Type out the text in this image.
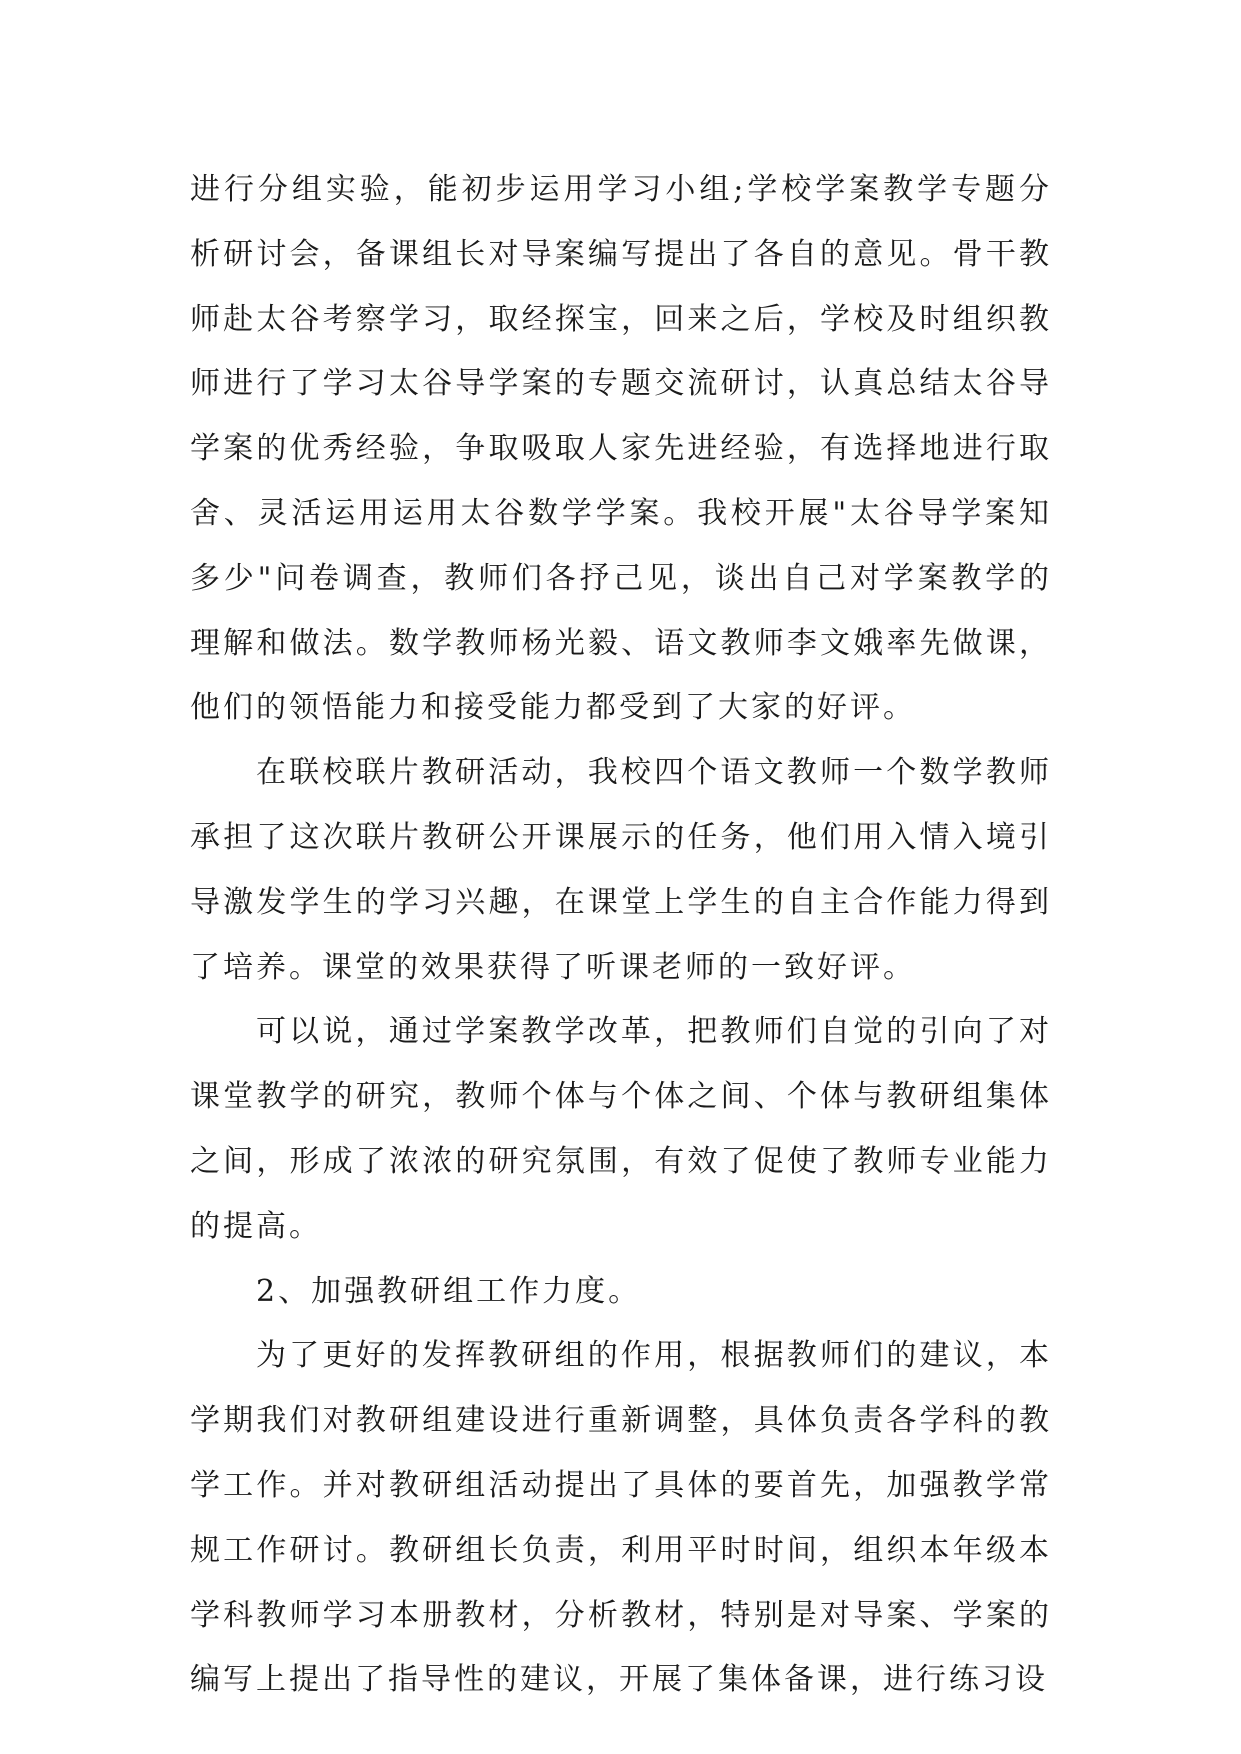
进行分组实验，能初步运用学习小组;学校学案教学专题分析研讨会，备课组长对导案编写提出了各自的意见。骨干教师赴太谷考察学习，取经探宝，回来之后，学校及时组织教师进行了学习太谷导学案的专题交流研讨，认真总结太谷导学案的优秀经验，争取吸取人家先进经验，有选择地进行取舍、灵活运用运用太谷数学学案。我校开展"太谷导学案知多少"问卷调查，教师们各抒己见，谈出自己对学案教学的理解和做法。数学教师杨光毅、语文教师李文娥率先做课，他们的领悟能力和接受能力都受到了大家的好评。

在联校联片教研活动，我校四个语文教师一个数学教师承担了这次联片教研公开课展示的任务，他们用入情入境引导激发学生的学习兴趣，在课堂上学生的自主合作能力得到了培养。课堂的效果获得了听课老师的一致好评。

可以说，通过学案教学改革，把教师们自觉的引向了对课堂教学的研究，教师个体与个体之间、个体与教研组集体之间，形成了浓浓的研究氛围，有效了促使了教师专业能力的提高。

2、加强教研组工作力度。

为了更好的发挥教研组的作用，根据教师们的建议，本学期我们对教研组建设进行重新调整，具体负责各学科的教学工作。并对教研组活动提出了具体的要首先，加强教学常规工作研讨。教研组长负责，利用平时时间，组织本年级本学科教师学习本册教材，分析教材，特别是对导案、学案的编写上提出了指导性的建议，开展了集体备课，进行练习设
